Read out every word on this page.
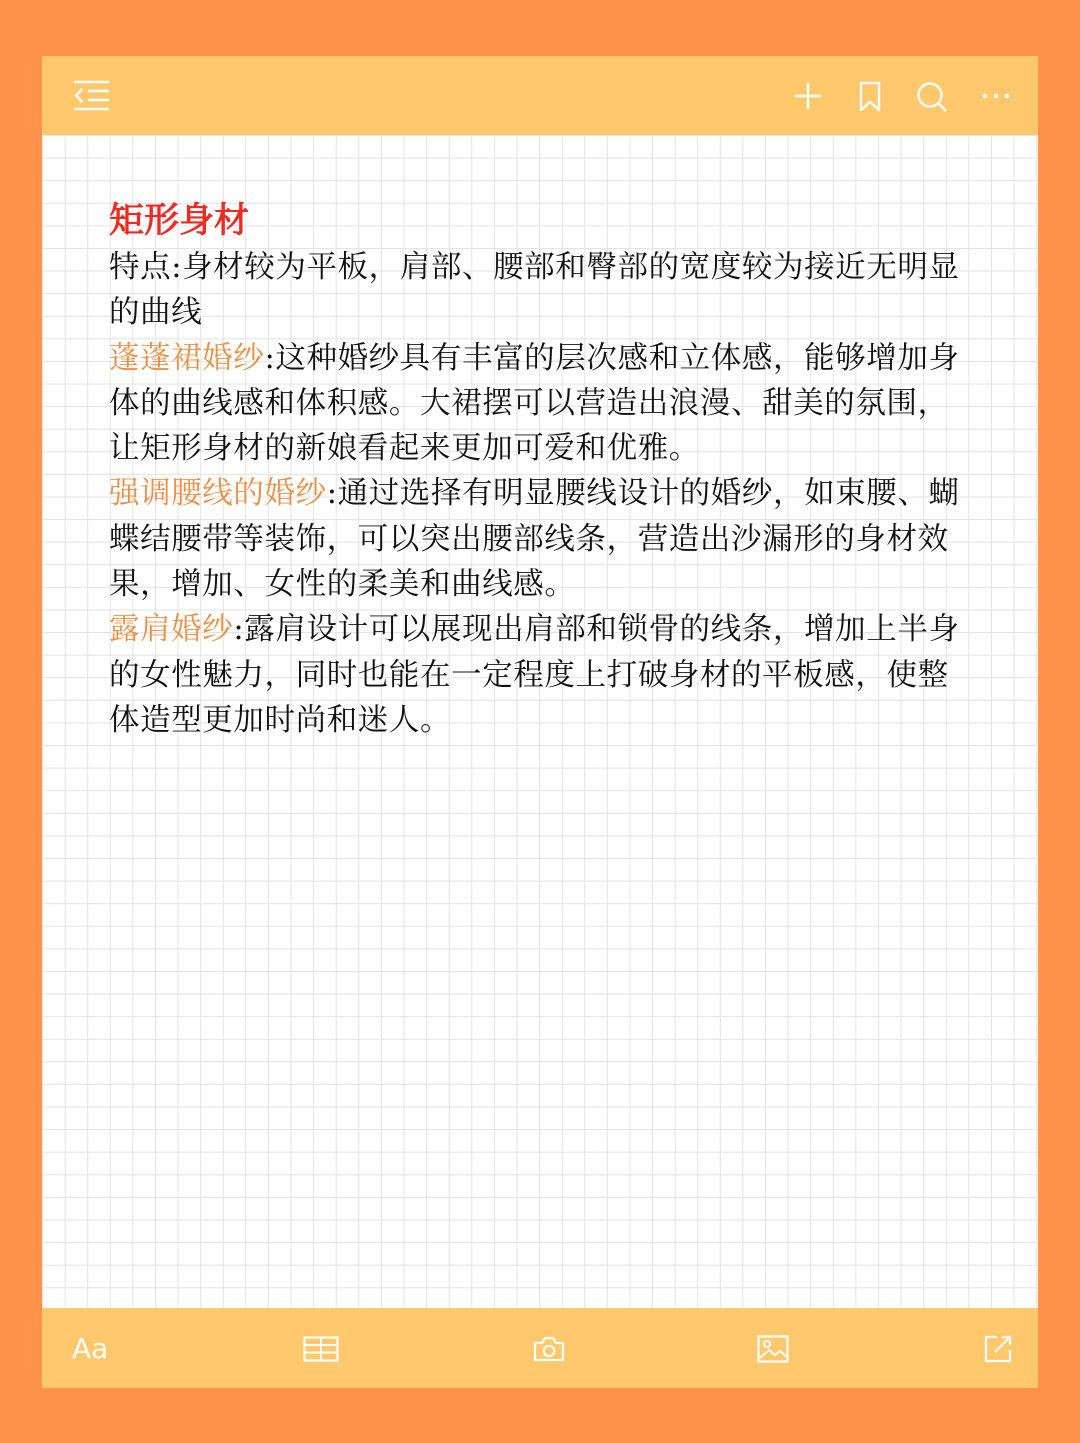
矩形身材

特点:身材较为平板，肩部、腰部和臀部的宽度较为接近无明显的曲线

蓬蓬裙婚纱:这种婚纱具有丰富的层次感和立体感，能够增加身体的曲线感和体积感。大裙摆可以营造出浪漫、甜美的氛围，让矩形身材的新娘看起来更加可爱和优雅。

强调腰线的婚纱:通过选择有明显腰线设计的婚纱，如束腰、蝴蝶结腰带等装饰，可以突出腰部线条，营造出沙漏形的身材效果，增加、女性的柔美和曲线感。

露肩婚纱:露肩设计可以展现出肩部和锁骨的线条，增加上半身的女性魅力，同时也能在一定程度上打破身材的平板感，使整体造型更加时尚和迷人。

Aa
